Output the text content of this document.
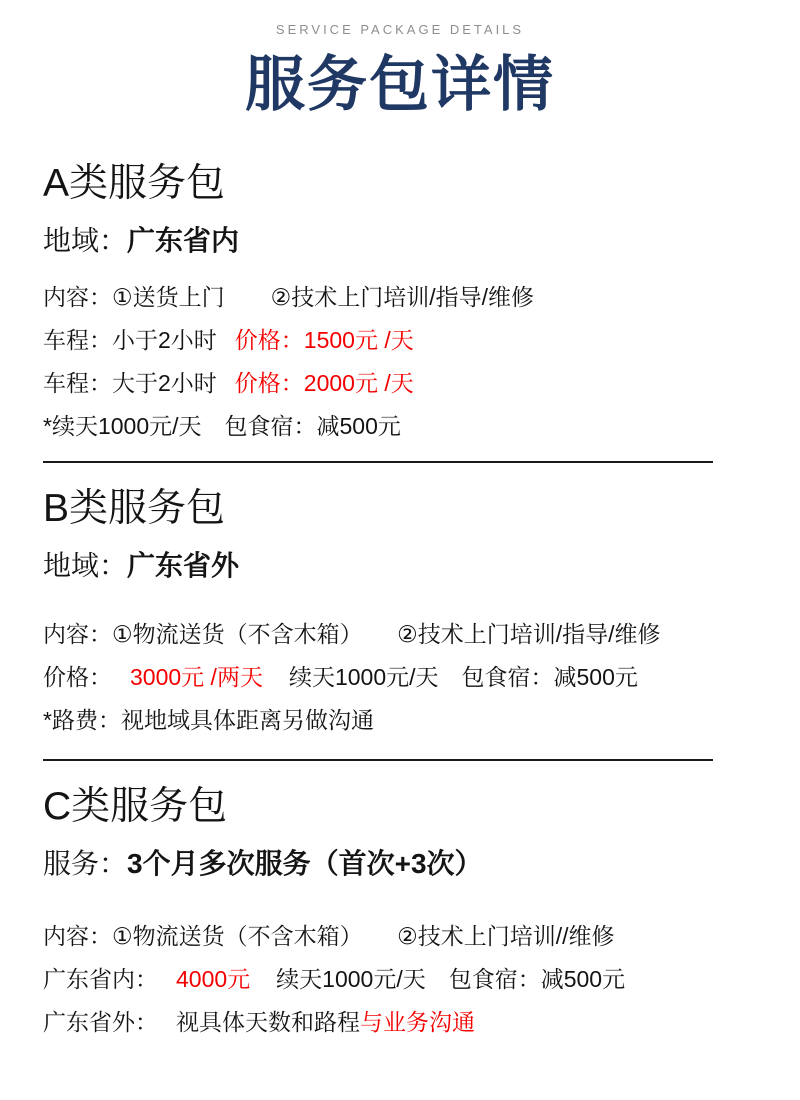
SERVICE PACKAGE DETAILS
服务包详情
A类服务包
地域：广东省内
内容：①送货上门　　②技术上门培训/指导/维修
车程：小于2小时 价格：1500元 /天
车程：大于2小时 价格：2000元 /天
*续天1000元/天　包食宿：减500元
B类服务包
地域：广东省外
内容：①物流送货（不含木箱）　　②技术上门培训/指导/维修
价格： 3000元 /两天 续天1000元/天　包食宿：减500元
*路费：视地域具体距离另做沟通
C类服务包
服务：3个月多次服务（首次+3次）
内容：①物流送货（不含木箱）　　②技术上门培训//维修
广东省内： 4000元 续天1000元/天　包食宿：减500元
广东省外： 视具体天数和路程与业务沟通
